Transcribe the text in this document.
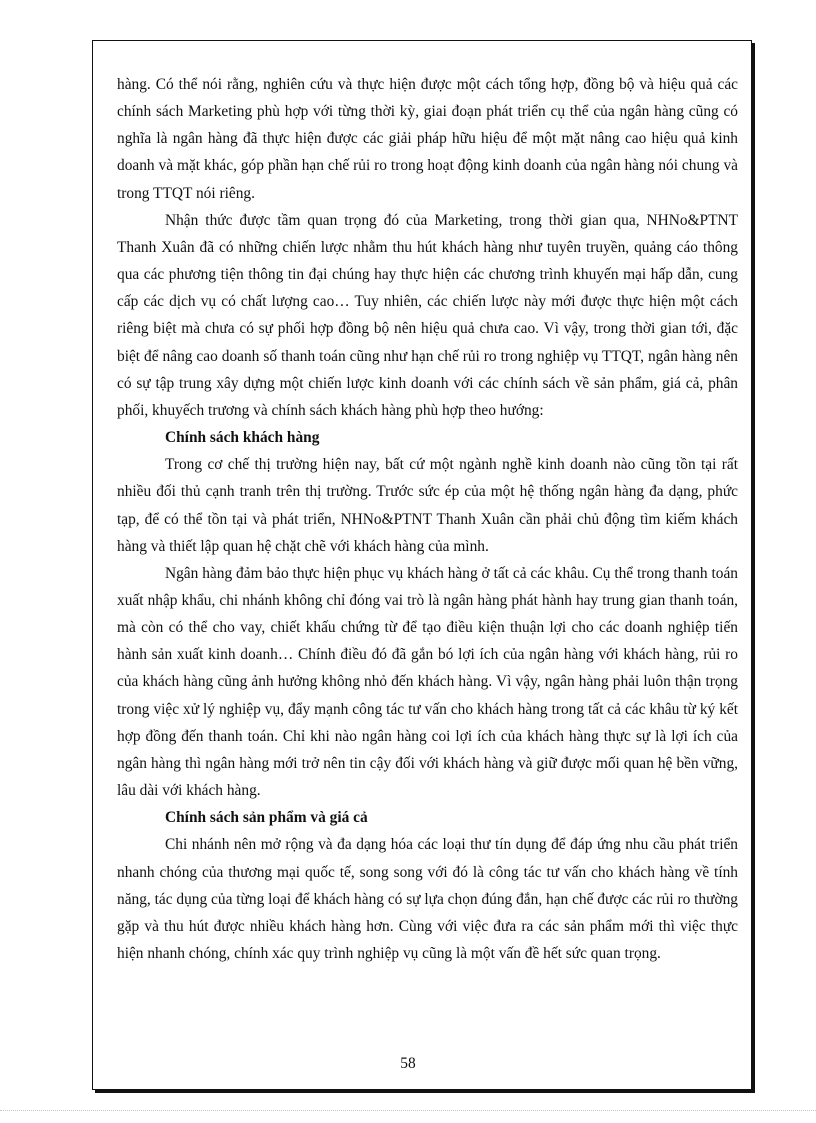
hàng. Có thể nói rằng, nghiên cứu và thực hiện được một cách tổng hợp, đồng bộ và hiệu quả các chính sách Marketing phù hợp với từng thời kỳ, giai đoạn phát triển cụ thể của ngân hàng cũng có nghĩa là ngân hàng đã thực hiện được các giải pháp hữu hiệu để một mặt nâng cao hiệu quả kinh doanh và mặt khác, góp phần hạn chế rủi ro trong hoạt động kinh doanh của ngân hàng nói chung và trong TTQT nói riêng.

Nhận thức được tầm quan trọng đó của Marketing, trong thời gian qua, NHNo&PTNT Thanh Xuân đã có những chiến lược nhằm thu hút khách hàng như tuyên truyền, quảng cáo thông qua các phương tiện thông tin đại chúng hay thực hiện các chương trình khuyến mại hấp dẫn, cung cấp các dịch vụ có chất lượng cao… Tuy nhiên, các chiến lược này mới được thực hiện một cách riêng biệt mà chưa có sự phối hợp đồng bộ nên hiệu quả chưa cao. Vì vậy, trong thời gian tới, đặc biệt để nâng cao doanh số thanh toán cũng như hạn chế rủi ro trong nghiệp vụ TTQT, ngân hàng nên có sự tập trung xây dựng một chiến lược kinh doanh với các chính sách về sản phẩm, giá cả, phân phối, khuyếch trương và chính sách khách hàng phù hợp theo hướng:

Chính sách khách hàng

Trong cơ chế thị trường hiện nay, bất cứ một ngành nghề kinh doanh nào cũng tồn tại rất nhiều đối thủ cạnh tranh trên thị trường. Trước sức ép của một hệ thống ngân hàng đa dạng, phức tạp, để có thể tồn tại và phát triển, NHNo&PTNT Thanh Xuân cần phải chủ động tìm kiếm khách hàng và thiết lập quan hệ chặt chẽ với khách hàng của mình.

Ngân hàng đảm bảo thực hiện phục vụ khách hàng ở tất cả các khâu. Cụ thể trong thanh toán xuất nhập khẩu, chi nhánh không chỉ đóng vai trò là ngân hàng phát hành hay trung gian thanh toán, mà còn có thể cho vay, chiết khấu chứng từ để tạo điều kiện thuận lợi cho các doanh nghiệp tiến hành sản xuất kinh doanh… Chính điều đó đã gắn bó lợi ích của ngân hàng với khách hàng, rủi ro của khách hàng cũng ảnh hưởng không nhỏ đến khách hàng. Vì vậy, ngân hàng phải luôn thận trọng trong việc xử lý nghiệp vụ, đẩy mạnh công tác tư vấn cho khách hàng trong tất cả các khâu từ ký kết hợp đồng đến thanh toán. Chỉ khi nào ngân hàng coi lợi ích của khách hàng thực sự là lợi ích của ngân hàng thì ngân hàng mới trở nên tin cậy đối với khách hàng và giữ được mối quan hệ bền vững, lâu dài với khách hàng.

Chính sách sản phẩm và giá cả

Chi nhánh nên mở rộng và đa dạng hóa các loại thư tín dụng để đáp ứng nhu cầu phát triển nhanh chóng của thương mại quốc tế, song song với đó là công tác tư vấn cho khách hàng về tính năng, tác dụng của từng loại để khách hàng có sự lựa chọn đúng đắn, hạn chế được các rủi ro thường gặp và thu hút được nhiều khách hàng hơn. Cùng với việc đưa ra các sản phẩm mới thì việc thực hiện nhanh chóng, chính xác quy trình nghiệp vụ cũng là một vấn đề hết sức quan trọng.

58
